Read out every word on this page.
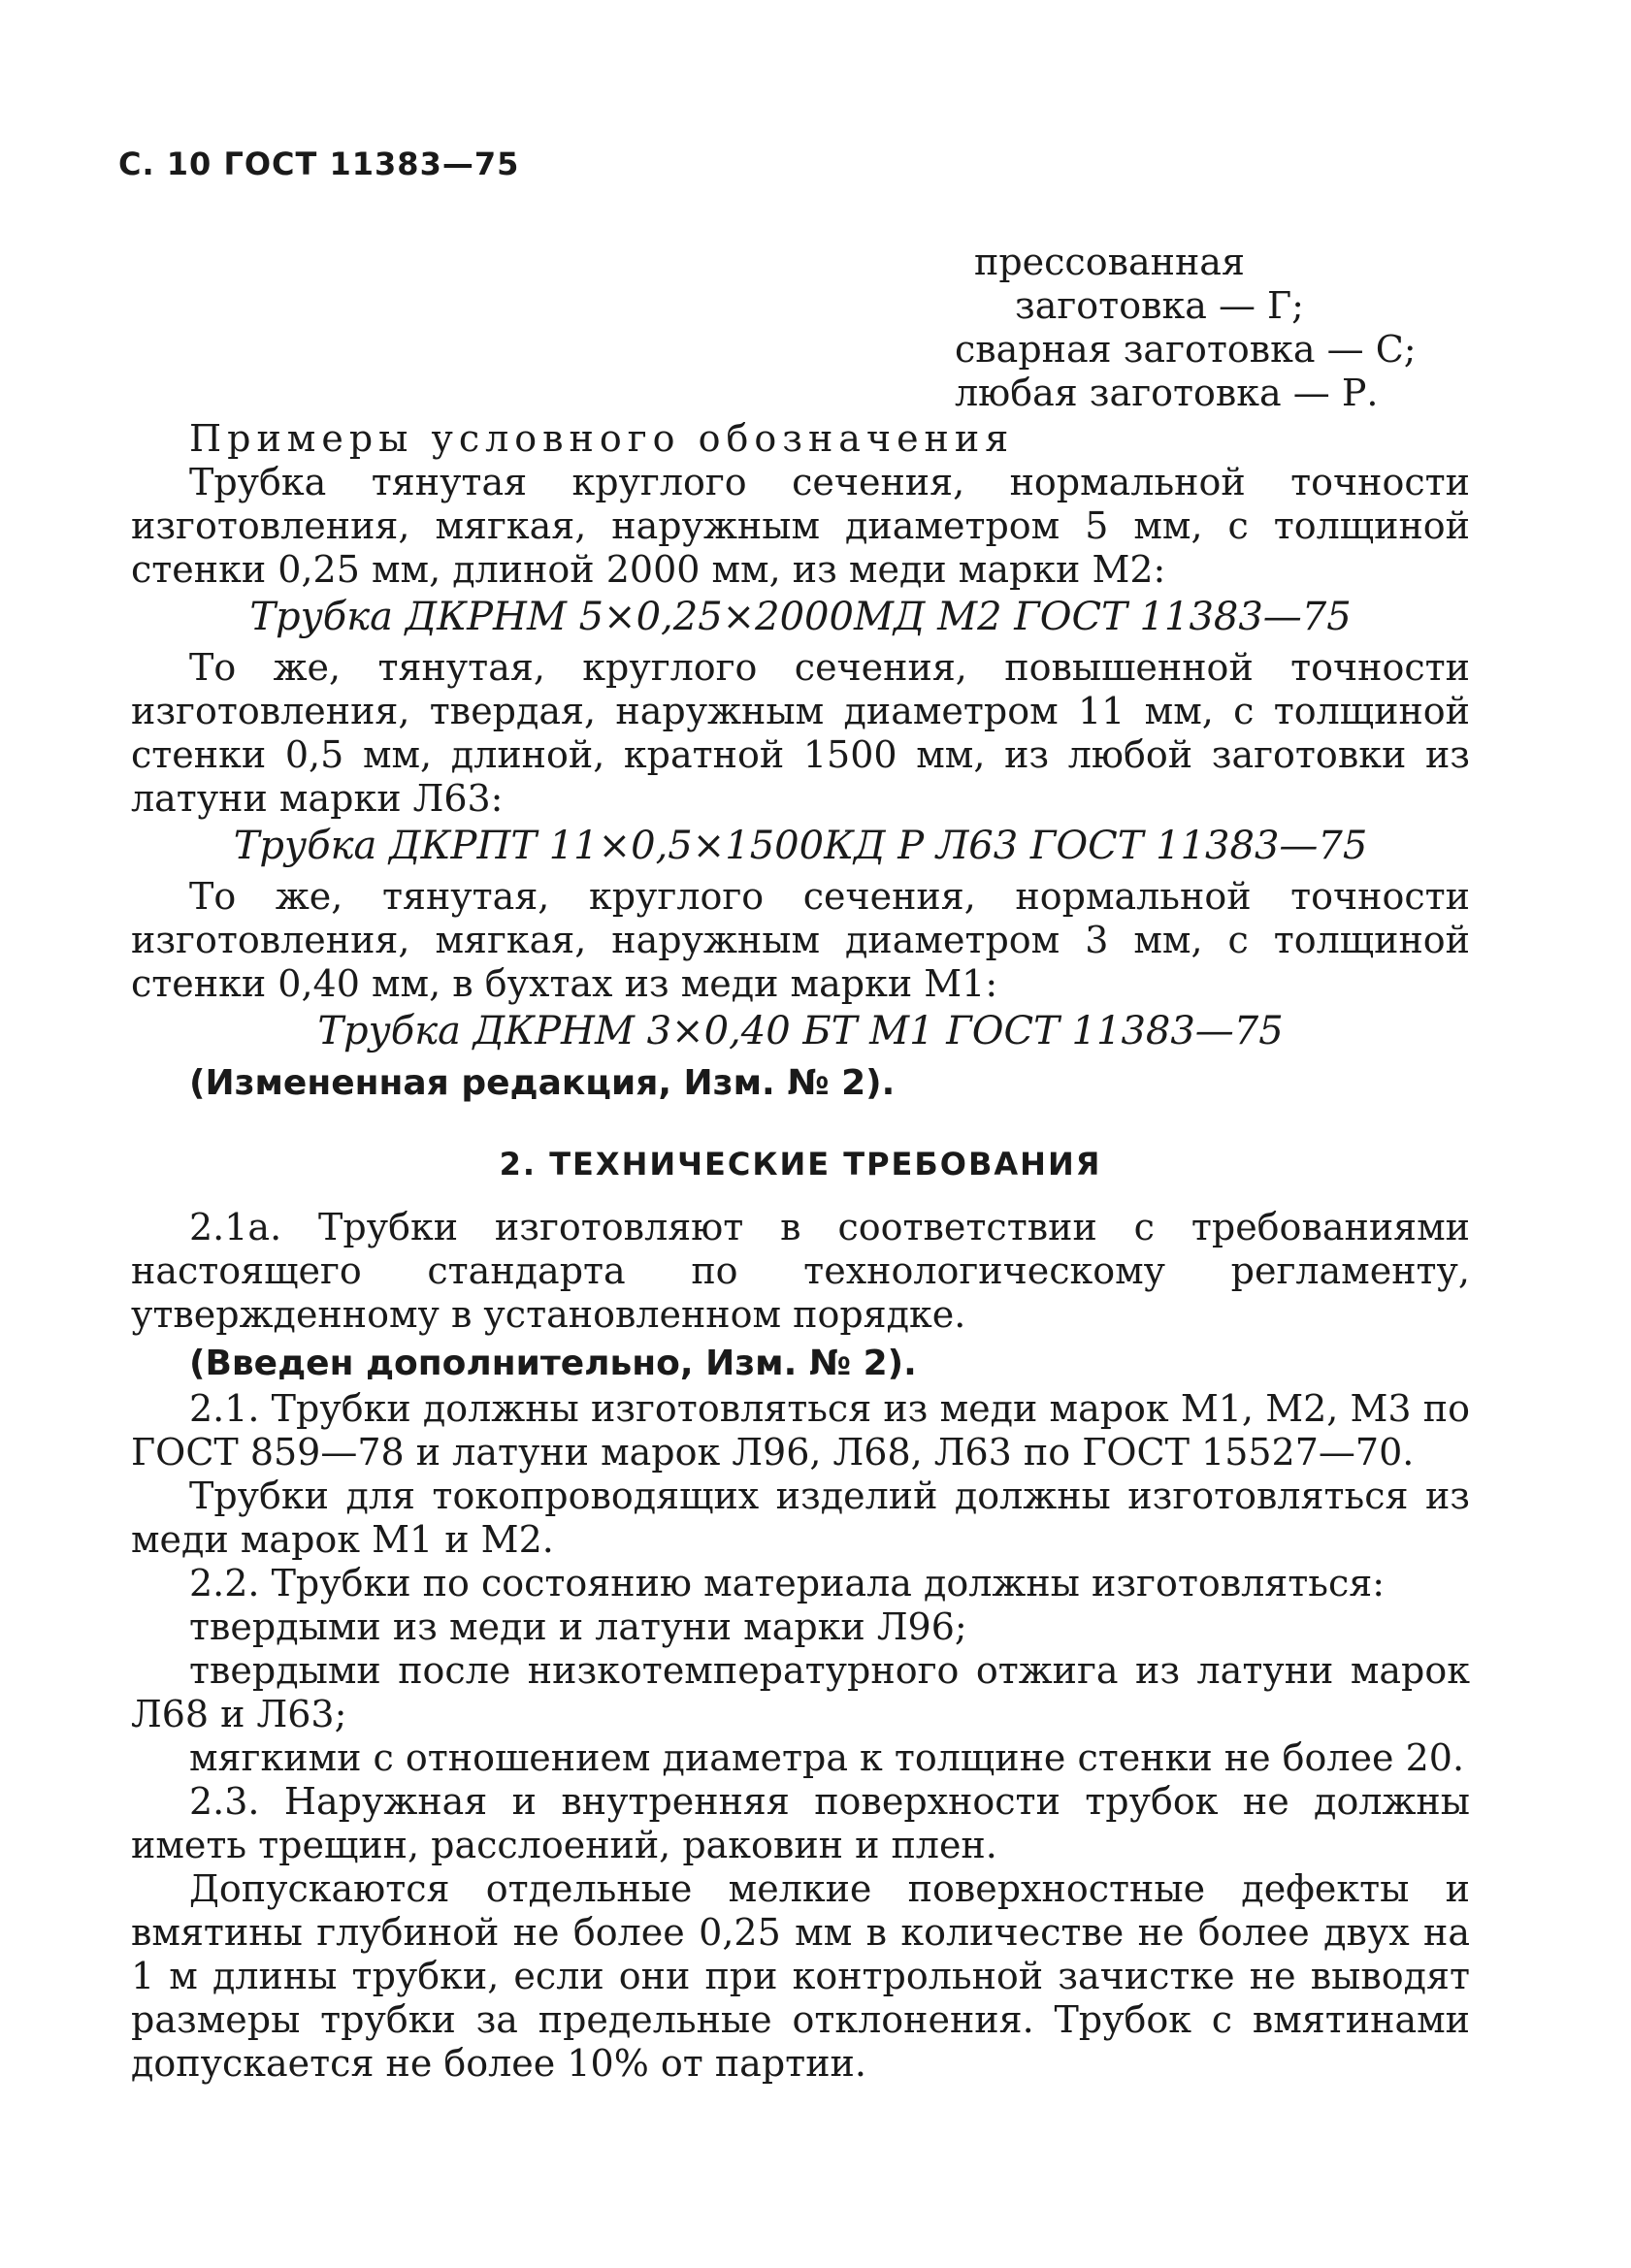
С. 10 ГОСТ 11383—75
прессованная
заготовка — Г;
сварная заготовка — С;
любая заготовка — Р.

Примеры условного обозначения

Трубка тянутая круглого сечения, нормальной точности изготовления, мягкая, наружным диаметром 5 мм, с толщиной стенки 0,25 мм, длиной 2000 мм, из меди марки М2:

Трубка ДКРНМ 5×0,25×2000МД М2 ГОСТ 11383—75

То же, тянутая, круглого сечения, повышенной точности изготовления, твердая, наружным диаметром 11 мм, с толщиной стенки 0,5 мм, длиной, кратной 1500 мм, из любой заготовки из латуни марки Л63:

Трубка ДКРПТ 11×0,5×1500КД Р Л63 ГОСТ 11383—75

То же, тянутая, круглого сечения, нормальной точности изготовления, мягкая, наружным диаметром 3 мм, с толщиной стенки 0,40 мм, в бухтах из меди марки М1:

Трубка ДКРНМ 3×0,40 БТ М1 ГОСТ 11383—75
(Измененная редакция, Изм. № 2).
2. ТЕХНИЧЕСКИЕ ТРЕБОВАНИЯ

2.1а. Трубки изготовляют в соответствии с требованиями настоящего стандарта по технологическому регламенту, утвержденному в установленном порядке.

(Введен дополнительно, Изм. № 2).

2.1. Трубки должны изготовляться из меди марок М1, М2, М3 по ГОСТ 859—78 и латуни марок Л96, Л68, Л63 по ГОСТ 15527—70.

Трубки для токопроводящих изделий должны изготовляться из меди марок М1 и М2.

2.2. Трубки по состоянию материала должны изготовляться:

твердыми из меди и латуни марки Л96;

твердыми после низкотемпературного отжига из латуни марок Л68 и Л63;

мягкими с отношением диаметра к толщине стенки не более 20.

2.3. Наружная и внутренняя поверхности трубок не должны иметь трещин, расслоений, раковин и плен.

Допускаются отдельные мелкие поверхностные дефекты и вмятины глубиной не более 0,25 мм в количестве не более двух на 1 м длины трубки, если они при контрольной зачистке не выводят размеры трубки за предельные отклонения. Трубок с вмятинами допускается не более 10% от партии.
